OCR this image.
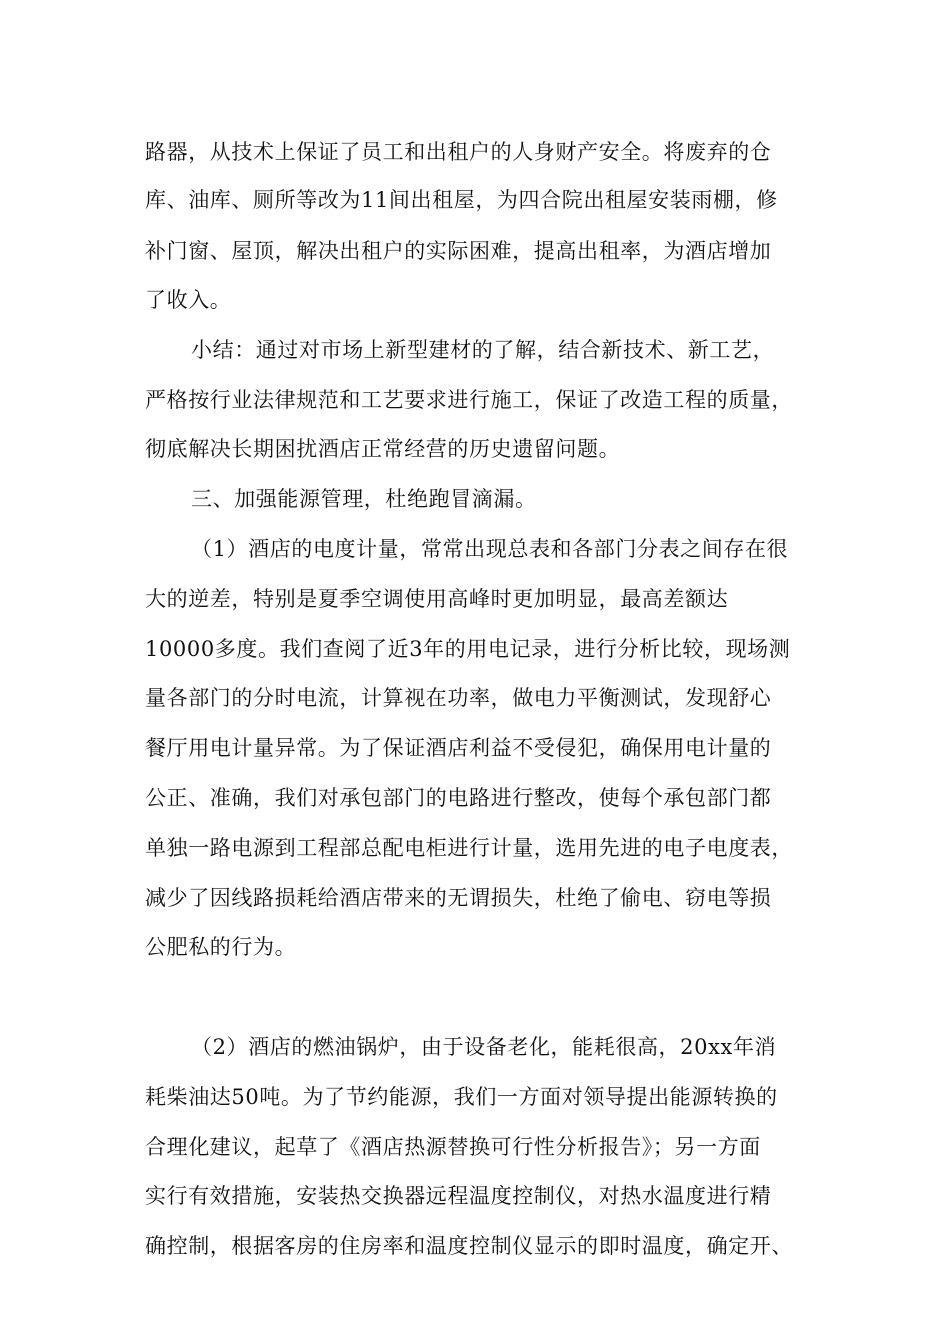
路器，从技术上保证了员工和出租户的人身财产安全。将废弃的仓
库、油库、厕所等改为11间出租屋，为四合院出租屋安装雨棚，修
补门窗、屋顶，解决出租户的实际困难，提高出租率，为酒店增加
了收入。
小结：通过对市场上新型建材的了解，结合新技术、新工艺，
严格按行业法律规范和工艺要求进行施工，保证了改造工程的质量，
彻底解决长期困扰酒店正常经营的历史遗留问题。
三、加强能源管理，杜绝跑冒滴漏。
（1）酒店的电度计量，常常出现总表和各部门分表之间存在很
大的逆差，特别是夏季空调使用高峰时更加明显，最高差额达
10000多度。我们查阅了近3年的用电记录，进行分析比较，现场测
量各部门的分时电流，计算视在功率，做电力平衡测试，发现舒心
餐厅用电计量异常。为了保证酒店利益不受侵犯，确保用电计量的
公正、准确，我们对承包部门的电路进行整改，使每个承包部门都
单独一路电源到工程部总配电柜进行计量，选用先进的电子电度表，
减少了因线路损耗给酒店带来的无谓损失，杜绝了偷电、窃电等损
公肥私的行为。
（2）酒店的燃油锅炉，由于设备老化，能耗很高，20xx年消
耗柴油达50吨。为了节约能源，我们一方面对领导提出能源转换的
合理化建议，起草了《酒店热源替换可行性分析报告》；另一方面
实行有效措施，安装热交换器远程温度控制仪，对热水温度进行精
确控制，根据客房的住房率和温度控制仪显示的即时温度，确定开、
